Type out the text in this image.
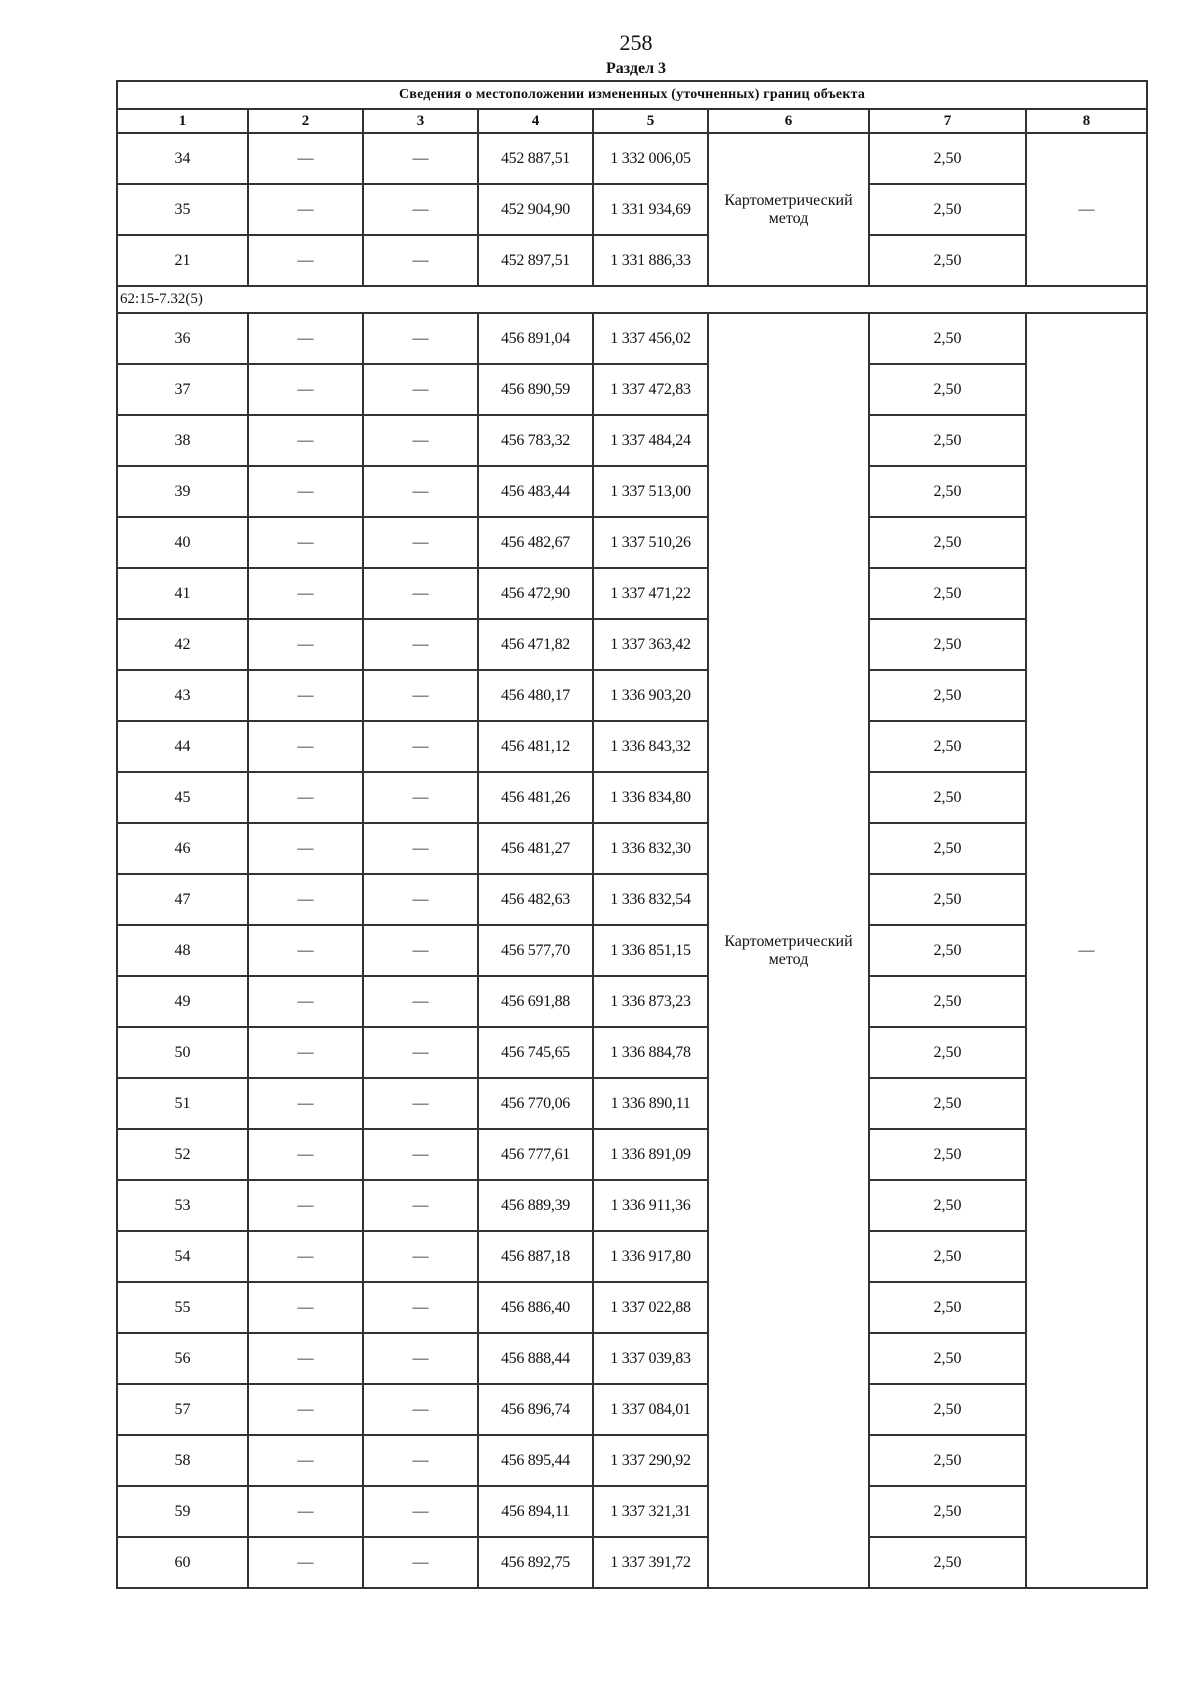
258
Раздел 3
Сведения о местоположении измененных (уточненных) границ объекта							
1	2	3	4	5	6	7	8
34	—	—	452 887,51	1 332 006,05	Картометрический метод	2,50	—
35	—	—	452 904,90	1 331 934,69		2,50	
21	—	—	452 897,51	1 331 886,33		2,50	
62:15-7.32(5)							
36	—	—	456 891,04	1 337 456,02	Картометрический метод	2,50	—
37	—	—	456 890,59	1 337 472,83		2,50	
38	—	—	456 783,32	1 337 484,24		2,50	
39	—	—	456 483,44	1 337 513,00		2,50	
40	—	—	456 482,67	1 337 510,26		2,50	
41	—	—	456 472,90	1 337 471,22		2,50	
42	—	—	456 471,82	1 337 363,42		2,50	
43	—	—	456 480,17	1 336 903,20		2,50	
44	—	—	456 481,12	1 336 843,32		2,50	
45	—	—	456 481,26	1 336 834,80		2,50	
46	—	—	456 481,27	1 336 832,30		2,50	
47	—	—	456 482,63	1 336 832,54		2,50	
48	—	—	456 577,70	1 336 851,15		2,50	
49	—	—	456 691,88	1 336 873,23		2,50	
50	—	—	456 745,65	1 336 884,78		2,50	
51	—	—	456 770,06	1 336 890,11		2,50	
52	—	—	456 777,61	1 336 891,09		2,50	
53	—	—	456 889,39	1 336 911,36		2,50	
54	—	—	456 887,18	1 336 917,80		2,50	
55	—	—	456 886,40	1 337 022,88		2,50	
56	—	—	456 888,44	1 337 039,83		2,50	
57	—	—	456 896,74	1 337 084,01		2,50	
58	—	—	456 895,44	1 337 290,92		2,50	
59	—	—	456 894,11	1 337 321,31		2,50	
60	—	—	456 892,75	1 337 391,72		2,50	
